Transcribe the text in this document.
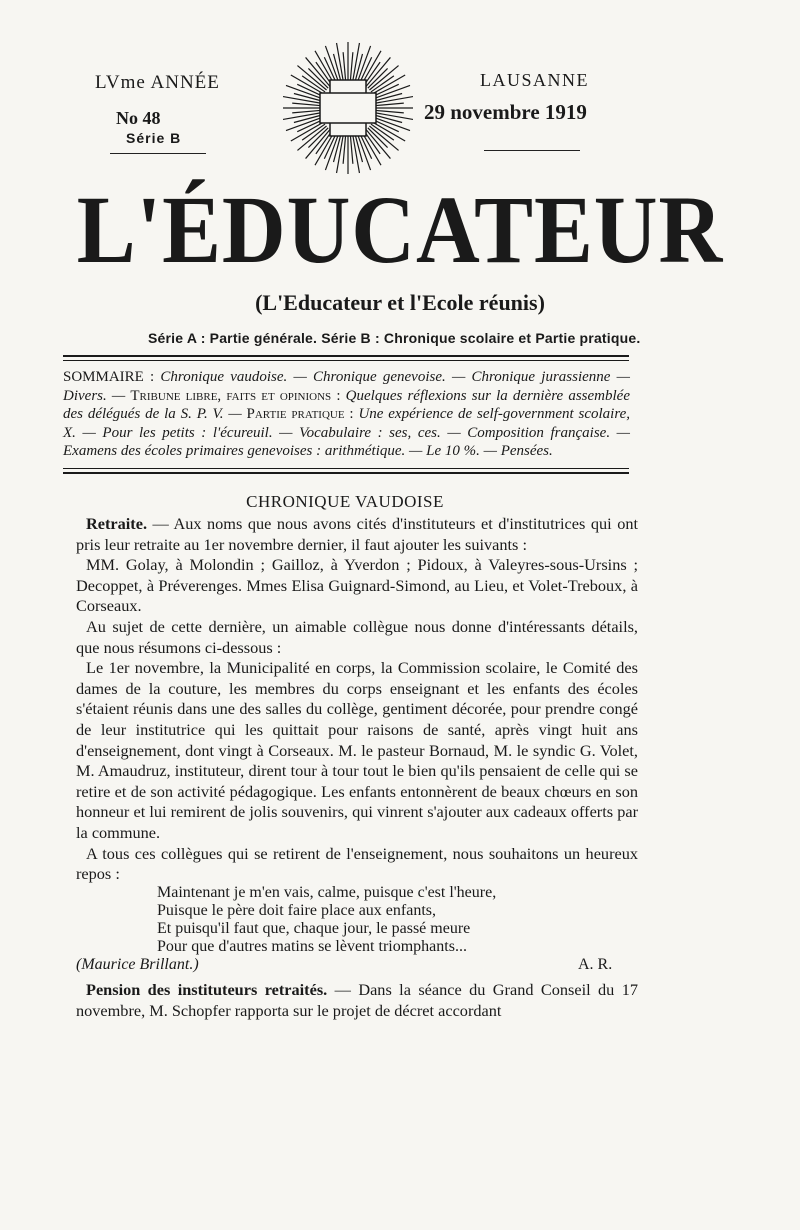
LVme ANNÉE
No 48
Série B
LAUSANNE
29 novembre 1919
L'ÉDUCATEUR
(L'Educateur et l'Ecole réunis)
Série A : Partie générale. Série B : Chronique scolaire et Partie pratique.
SOMMAIRE : Chronique vaudoise. — Chronique genevoise. — Chronique jurassienne — Divers. — Tribune libre, faits et opinions : Quelques réflexions sur la dernière assemblée des délégués de la S. P. V. — Partie pratique : Une expérience de self-government scolaire, X. — Pour les petits : l'écureuil. — Vocabulaire : ses, ces. — Composition française. — Examens des écoles primaires genevoises : arithmétique. — Le 10 %. — Pensées.
CHRONIQUE VAUDOISE

Retraite. — Aux noms que nous avons cités d'instituteurs et d'institutrices qui ont pris leur retraite au 1er novembre dernier, il faut ajouter les suivants :

MM. Golay, à Molondin ; Gailloz, à Yverdon ; Pidoux, à Valeyres-sous-Ursins ; Decoppet, à Préverenges. Mmes Elisa Guignard-Simond, au Lieu, et Volet-Treboux, à Corseaux.

Au sujet de cette dernière, un aimable collègue nous donne d'intéressants détails, que nous résumons ci-dessous :

Le 1er novembre, la Municipalité en corps, la Commission scolaire, le Comité des dames de la couture, les membres du corps enseignant et les enfants des écoles s'étaient réunis dans une des salles du collège, gentiment décorée, pour prendre congé de leur institutrice qui les quittait pour raisons de santé, après vingt huit ans d'enseignement, dont vingt à Corseaux. M. le pasteur Bornaud, M. le syndic G. Volet, M. Amaudruz, instituteur, dirent tour à tour tout le bien qu'ils pensaient de celle qui se retire et de son activité pédagogique. Les enfants entonnèrent de beaux chœurs en son honneur et lui remirent de jolis souvenirs, qui vinrent s'ajouter aux cadeaux offerts par la commune.

A tous ces collègues qui se retirent de l'enseignement, nous souhaitons un heureux repos :

Maintenant je m'en vais, calme, puisque c'est l'heure,
Puisque le père doit faire place aux enfants,
Et puisqu'il faut que, chaque jour, le passé meure
Pour que d'autres matins se lèvent triomphants...
(Maurice Brillant.)	A. R.

Pension des instituteurs retraités. — Dans la séance du Grand Conseil du 17 novembre, M. Schopfer rapporta sur le projet de décret accordant
